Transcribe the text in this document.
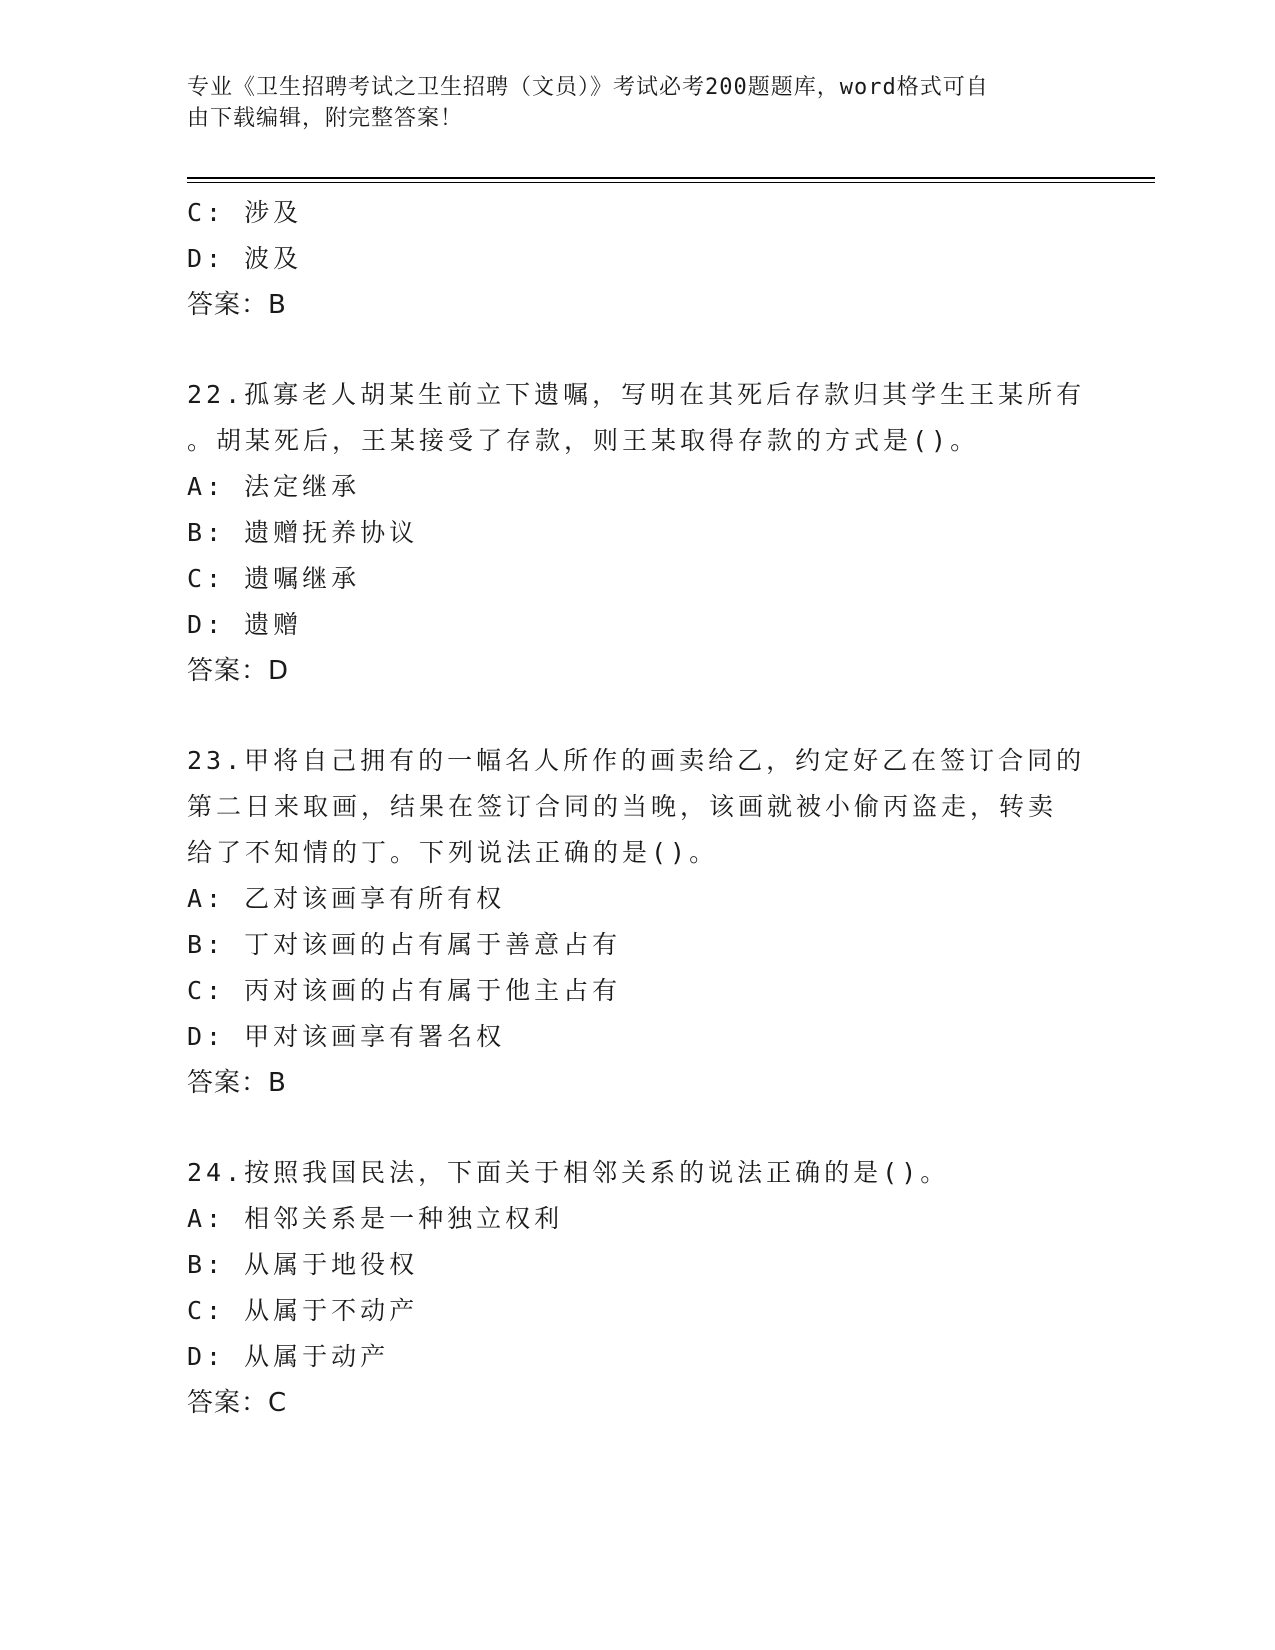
专业《卫生招聘考试之卫生招聘（文员）》考试必考200题题库，word格式可自
由下载编辑，附完整答案！
C: 涉及
D: 波及
答案：B
22.孤寡老人胡某生前立下遗嘱，写明在其死后存款归其学生王某所有
。胡某死后，王某接受了存款，则王某取得存款的方式是()。
A: 法定继承
B: 遗赠抚养协议
C: 遗嘱继承
D: 遗赠
答案：D
23.甲将自己拥有的一幅名人所作的画卖给乙，约定好乙在签订合同的
第二日来取画，结果在签订合同的当晚，该画就被小偷丙盗走，转卖
给了不知情的丁。下列说法正确的是()。
A: 乙对该画享有所有权
B: 丁对该画的占有属于善意占有
C: 丙对该画的占有属于他主占有
D: 甲对该画享有署名权
答案：B
24.按照我国民法，下面关于相邻关系的说法正确的是()。
A: 相邻关系是一种独立权利
B: 从属于地役权
C: 从属于不动产
D: 从属于动产
答案：C
